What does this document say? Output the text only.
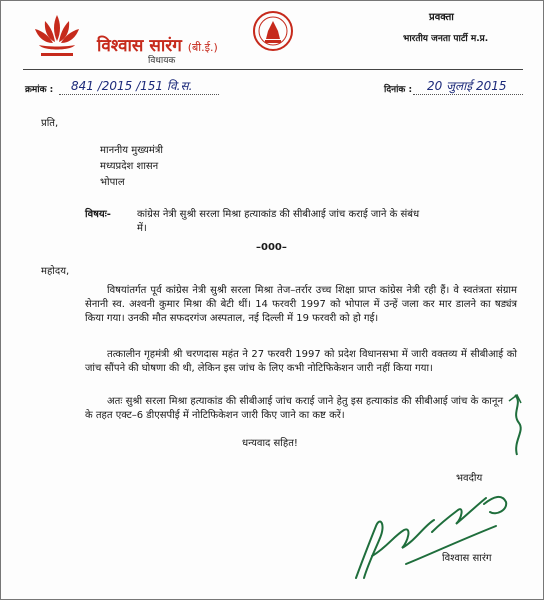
विश्वास सारंग (बी.ई.)
विधायक
प्रवक्ता
भारतीय जनता पार्टी म.प्र.
क्रमांक : 841 /2015 /151 वि.स.	दिनांक : 20 जुलाई 2015
प्रति,
माननीय मुख्यमंत्री
मध्यप्रदेश शासन
भोपाल
विषयः-	कांग्रेस नेत्री सुश्री सरला मिश्रा हत्याकांड की सीबीआई जांच कराई जाने के संबंध
में।
–000–
महोदय,
विषयांतर्गत पूर्व कांग्रेस नेत्री सुश्री सरला मिश्रा तेज–तर्रार उच्च शिक्षा प्राप्त कांग्रेस नेत्री रही हैं। वे स्वतंत्रता संग्राम सेनानी स्व. अश्वनी कुमार मिश्रा की बेटी थीं। 14 फरवरी 1997 को भोपाल में उन्हें जला कर मार डालने का षड्यंत्र किया गया। उनकी मौत सफदरगंज अस्पताल, नई दिल्ली में 19 फरवरी को हो गई।
तत्कालीन गृहमंत्री श्री चरणदास महंत ने 27 फरवरी 1997 को प्रदेश विधानसभा में जारी वक्तव्य में सीबीआई को जांच सौंपने की घोषणा की थी, लेकिन इस जांच के लिए कभी नोटिफिकेशन जारी नहीं किया गया।
अतः सुश्री सरला मिश्रा हत्याकांड की सीबीआई जांच कराई जाने हेतु इस हत्याकांड की सीबीआई जांच के कानून के तहत एक्ट–6 डीएसपीई में नोटिफिकेशन जारी किए जाने का कष्ट करें।
धन्यवाद सहित!
भवदीय
विश्वास सारंग
